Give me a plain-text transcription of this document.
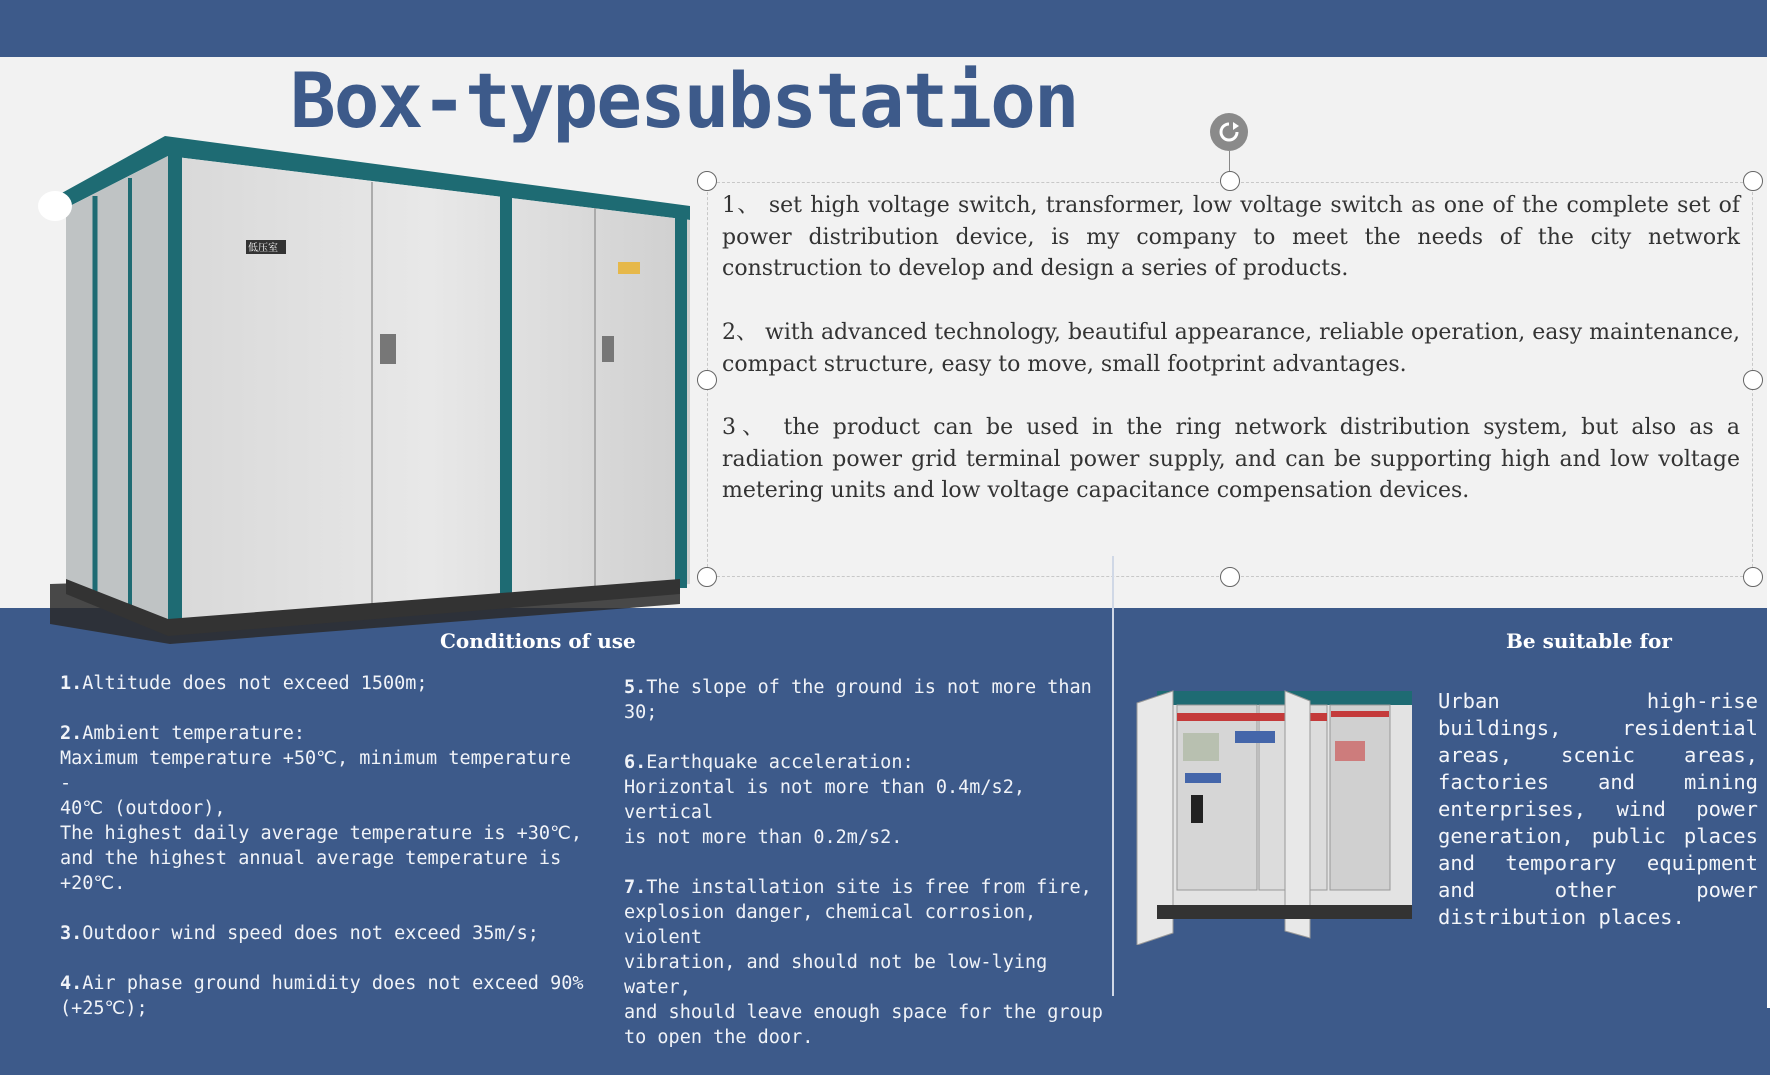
Box-typesubstation
低压室

1、 set high voltage switch, transformer, low voltage switch as one of the complete set of power distribution device, is my company to meet the needs of the city network construction to develop and design a series of products.

2、 with advanced technology, beautiful appearance, reliable operation, easy maintenance, compact structure, easy to move, small footprint advantages.

3、 the product can be used in the ring network distribution system, but also as a radiation power grid terminal power supply, and can be supporting high and low voltage metering units and low voltage capacitance compensation devices.

Conditions of use	Be suitable for
1.Altitude does not exceed 1500m;
2.Ambient temperature:
Maximum temperature +50℃, minimum temperature -
40℃ (outdoor),
The highest daily average temperature is +30℃,
and the highest annual average temperature is
+20℃.
3.Outdoor wind speed does not exceed 35m/s;
4.Air phase ground humidity does not exceed 90%
(+25℃);
5.The slope of the ground is not more than 30;
6.Earthquake acceleration:
Horizontal is not more than 0.4m/s2, vertical
is not more than 0.2m/s2.
7.The installation site is free from fire,
explosion danger, chemical corrosion, violent
vibration, and should not be low-lying water,
and should leave enough space for the group
to open the door.
Urban high-rise buildings, residential areas, scenic areas, factories and mining enterprises, wind power generation, public places and temporary equipment and other power distribution places.
